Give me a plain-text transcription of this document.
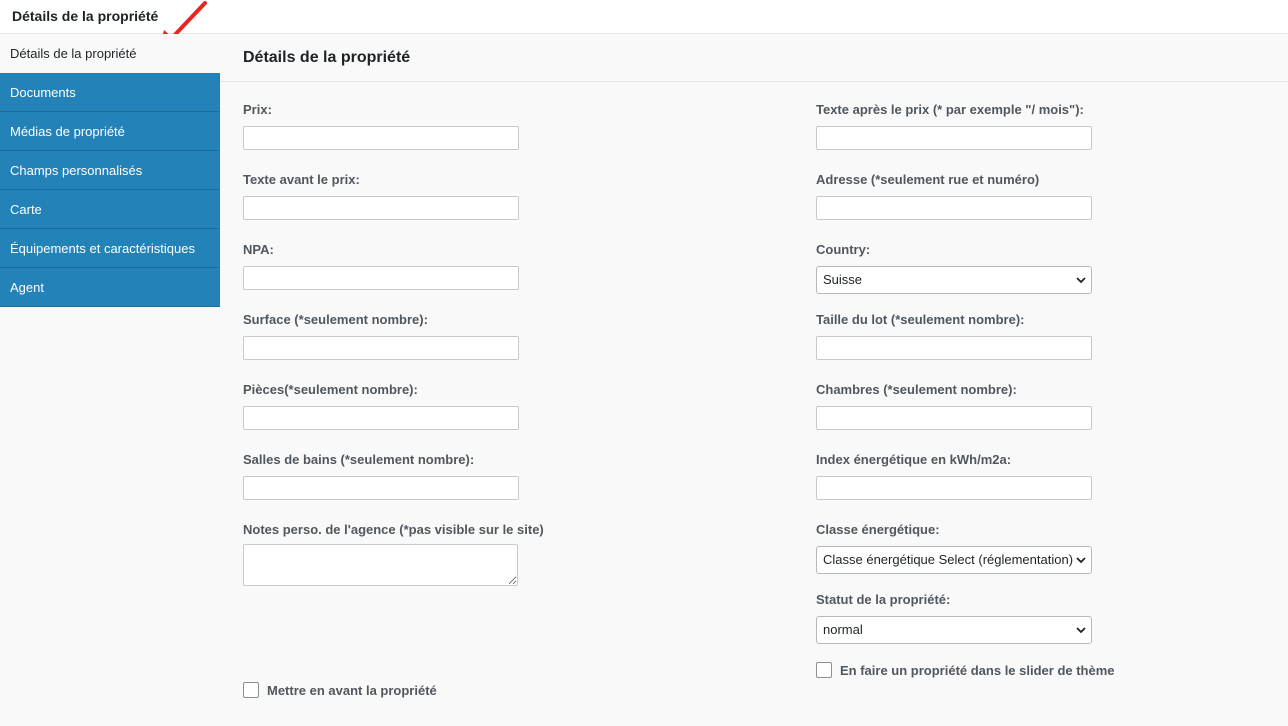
Détails de la propriété
Détails de la propriété
Documents
Médias de propriété
Champs personnalisés
Carte
Équipements et caractéristiques
Agent
Détails de la propriété
Prix:
Texte avant le prix:
NPA:
Surface (*seulement nombre):
Pièces(*seulement nombre):
Salles de bains (*seulement nombre):
Notes perso. de l'agence (*pas visible sur le site)
Mettre en avant la propriété
Texte après le prix (* par exemple "/ mois"):
Adresse (*seulement rue et numéro)
Country:
Suisse
Taille du lot (*seulement nombre):
Chambres (*seulement nombre):
Index énergétique en kWh/m2a:
Classe énergétique:
Classe énergétique Select (réglementation)
Statut de la propriété:
normal
En faire un propriété dans le slider de thème
